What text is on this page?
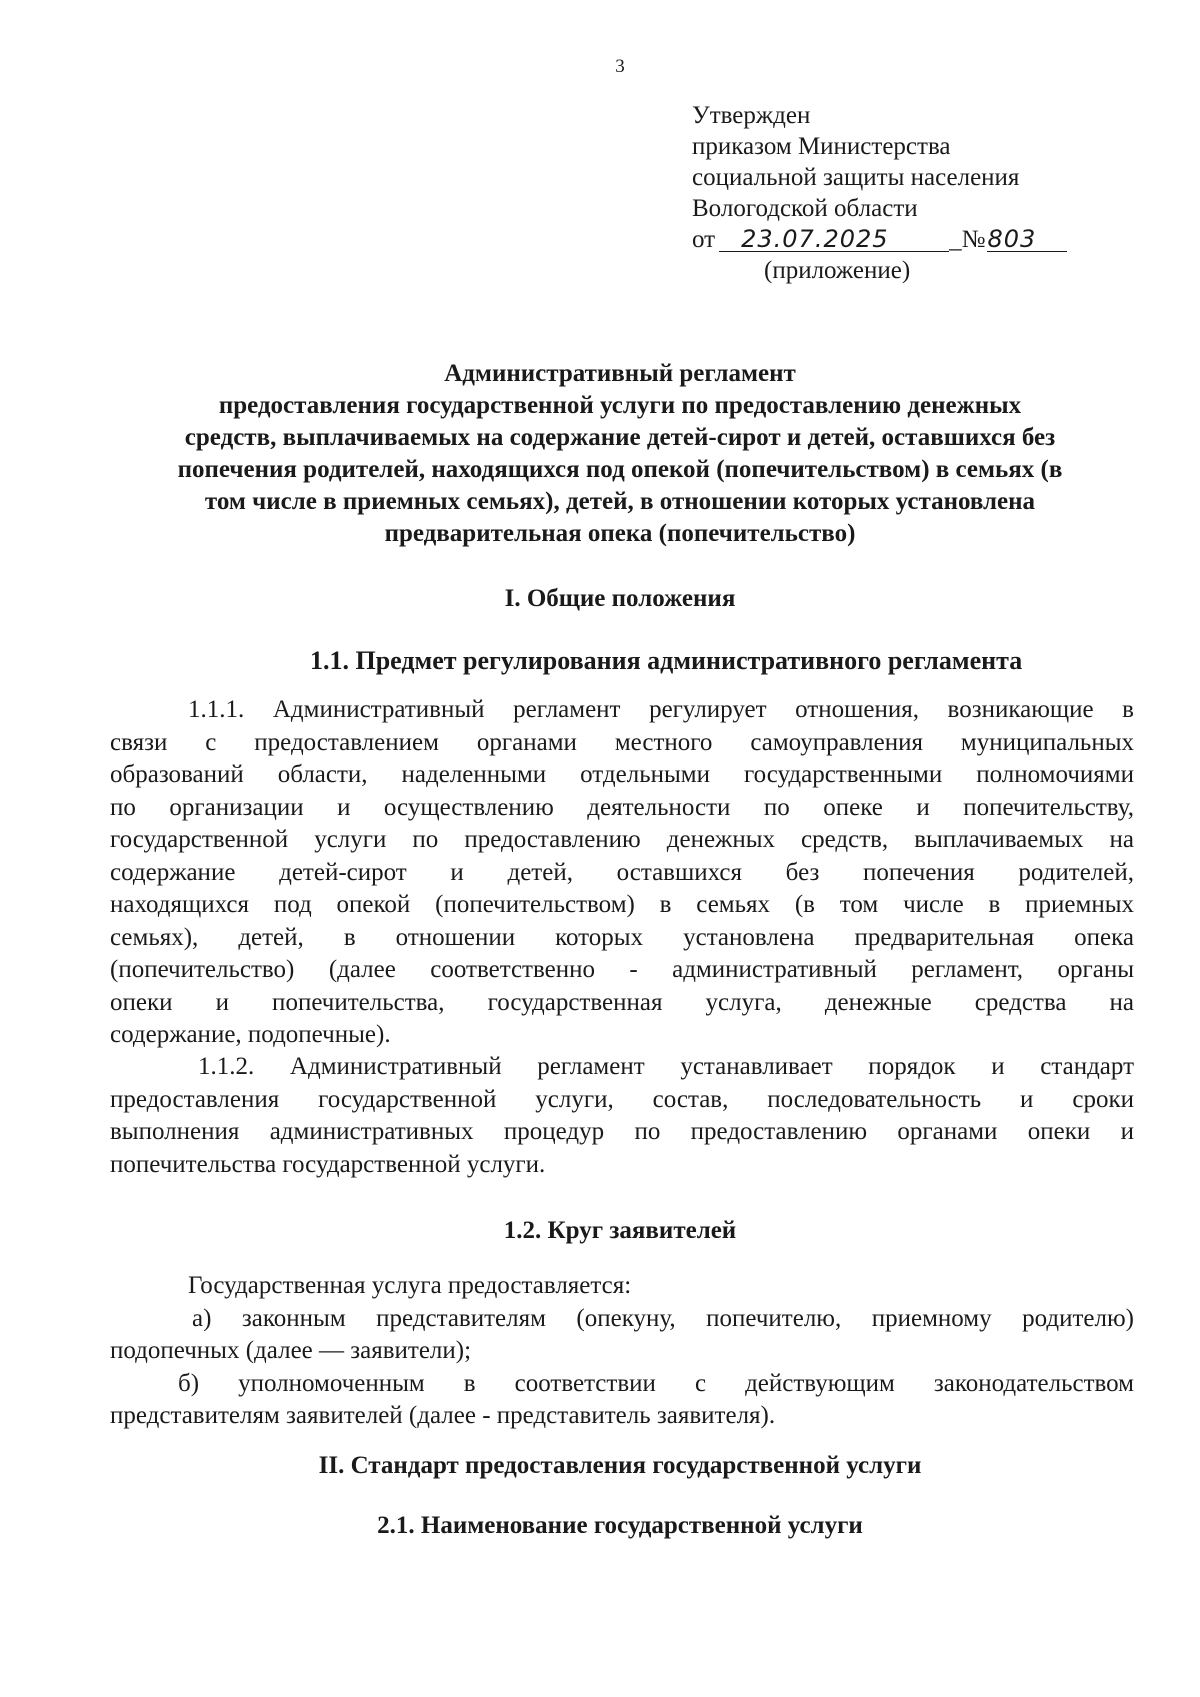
3
Утвержден
приказом Министерства
социальной защиты населения
Вологодской области
от	23.07.2025	_№ 803
(приложение)
Административный регламент
предоставления государственной услуги по предоставлению денежных
средств, выплачиваемых на содержание детей-сирот и детей, оставшихся без
попечения родителей, находящихся под опекой (попечительством) в семьях (в
том числе в приемных семьях), детей, в отношении которых установлена
предварительная опека (попечительство)
I. Общие положения
1.1. Предмет регулирования административного регламента
1.1.1. Административный регламент регулирует отношения, возникающие в
связи с предоставлением органами местного самоуправления муниципальных
образований области, наделенными отдельными государственными полномочиями
по организации и осуществлению деятельности по опеке и попечительству,
государственной услуги по предоставлению денежных средств, выплачиваемых на
содержание детей-сирот и детей, оставшихся без попечения родителей,
находящихся под опекой (попечительством) в семьях (в том числе в приемных
семьях), детей, в отношении которых установлена предварительная опека
(попечительство) (далее соответственно - административный регламент, органы
опеки и попечительства, государственная услуга, денежные средства на
содержание, подопечные).
1.1.2. Административный регламент устанавливает порядок и стандарт
предоставления государственной услуги, состав, последовательность и сроки
выполнения административных процедур по предоставлению органами опеки и
попечительства государственной услуги.
1.2. Круг заявителей
Государственная услуга предоставляется:
а) законным представителям (опекуну, попечителю, приемному родителю)
подопечных (далее — заявители);
б) уполномоченным в соответствии с действующим законодательством
представителям заявителей (далее - представитель заявителя).
II. Стандарт предоставления государственной услуги
2.1. Наименование государственной услуги
